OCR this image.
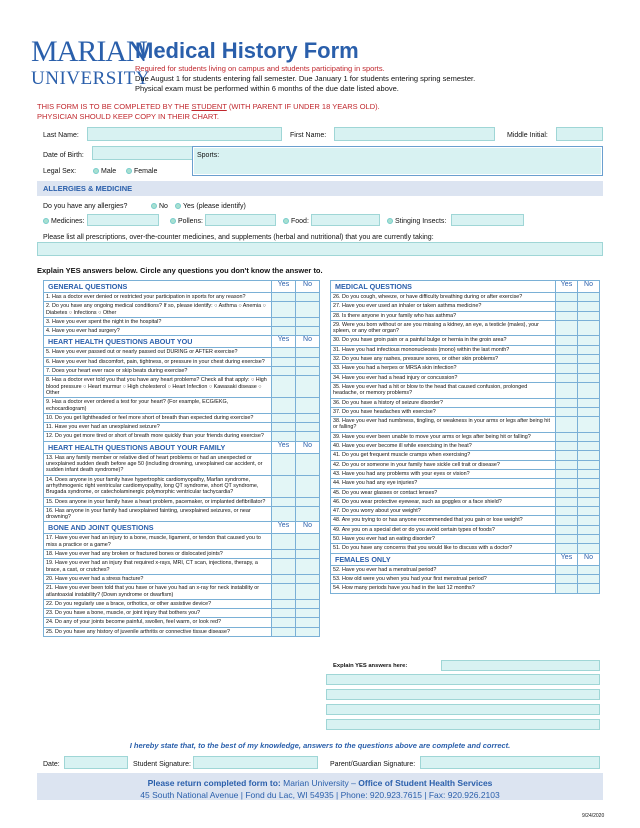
MARIAN
UNIVERSITY
Medical History Form
Required for students living on campus and students participating in sports.
Due August 1 for students entering fall semester. Due January 1 for students entering spring semester.
Physical exam must be performed within 6 months of the due date listed above.
THIS FORM IS TO BE COMPLETED BY THE STUDENT (WITH PARENT IF UNDER 18 YEARS OLD).
PHYSICIAN SHOULD KEEP COPY IN THEIR CHART.
Last Name:	First Name:	Middle Initial:
Date of Birth:	Sports:
Legal Sex:	Male	Female
ALLERGIES & MEDICINE
Do you have any allergies?	No	Yes (please identify)
Medicines:	Pollens:	Food:	Stinging Insects:
Please list all prescriptions, over-the-counter medicines, and supplements (herbal and nutritional) that you are currently taking:
Explain YES answers below. Circle any questions you don't know the answer to.
GENERAL QUESTIONS	Yes	No
1. Has a doctor ever denied or restricted your participation in sports for any reason?		
2. Do you have any ongoing medical conditions? If so, please identify: ○ Asthma ○ Anemia ○ Diabetes ○ Infections ○ Other		
3. Have you ever spent the night in the hospital?		
4. Have you ever had surgery?		
HEART HEALTH QUESTIONS ABOUT YOU	Yes	No
5. Have you ever passed out or nearly passed out DURING or AFTER exercise?		
6. Have you ever had discomfort, pain, tightness, or pressure in your chest during exercise?		
7. Does your heart ever race or skip beats during exercise?		
8. Has a doctor ever told you that you have any heart problems? Check all that apply: ○ High blood pressure ○ Heart murmur ○ High cholesterol ○ Heart Infection ○ Kawasaki disease ○ Other		
9. Has a doctor ever ordered a test for your heart? (For example, ECG/EKG, echocardiogram)		
10. Do you get lightheaded or feel more short of breath than expected during exercise?		
11. Have you ever had an unexplained seizure?		
12. Do you get more tired or short of breath more quickly than your friends during exercise?		
HEART HEALTH QUESTIONS ABOUT YOUR FAMILY	Yes	No
13. Has any family member or relative died of heart problems or had an unexpected or unexplained sudden death before age 50 (including drowning, unexplained car accident, or sudden infant death syndrome)?		
14. Does anyone in your family have hypertrophic cardiomyopathy, Marfan syndrome, arrhythmogenic right ventricular cardiomyopathy, long QT syndrome, short QT syndrome, Brugada syndrome, or catecholaminergic polymorphic ventricular tachycardia?		
15. Does anyone in your family have a heart problem, pacemaker, or implanted defibrillator?		
16. Has anyone in your family had unexplained fainting, unexplained seizures, or near drowning?		
BONE AND JOINT QUESTIONS	Yes	No
17. Have you ever had an injury to a bone, muscle, ligament, or tendon that caused you to miss a practice or a game?		
18. Have you ever had any broken or fractured bones or dislocated joints?		
19. Have you ever had an injury that required x-rays, MRI, CT scan, injections, therapy, a brace, a cast, or crutches?		
20. Have you ever had a stress fracture?		
21. Have you ever been told that you have or have you had an x-ray for neck instability or atlantoaxial instability? (Down syndrome or dwarfism)		
22. Do you regularly use a brace, orthotics, or other assistive device?		
23. Do you have a bone, muscle, or joint injury that bothers you?		
24. Do any of your joints become painful, swollen, feel warm, or look red?		
25. Do you have any history of juvenile arthritis or connective tissue disease?		
MEDICAL QUESTIONS	Yes	No
26. Do you cough, wheeze, or have difficulty breathing during or after exercise?		
27. Have you ever used an inhaler or taken asthma medicine?		
28. Is there anyone in your family who has asthma?		
29. Were you born without or are you missing a kidney, an eye, a testicle (males), your spleen, or any other organ?		
30. Do you have groin pain or a painful bulge or hernia in the groin area?		
31. Have you had infectious mononucleosis (mono) within the last month?		
32. Do you have any rashes, pressure sores, or other skin problems?		
33. Have you had a herpes or MRSA skin infection?		
34. Have you ever had a head injury or concussion?		
35. Have you ever had a hit or blow to the head that caused confusion, prolonged headache, or memory problems?		
36. Do you have a history of seizure disorder?		
37. Do you have headaches with exercise?		
38. Have you ever had numbness, tingling, or weakness in your arms or legs after being hit or falling?		
39. Have you ever been unable to move your arms or legs after being hit or falling?		
40. Have you ever become ill while exercising in the heat?		
41. Do you get frequent muscle cramps when exercising?		
42. Do you or someone in your family have sickle cell trait or disease?		
43. Have you had any problems with your eyes or vision?		
44. Have you had any eye injuries?		
45. Do you wear glasses or contact lenses?		
46. Do you wear protective eyewear, such as goggles or a face shield?		
47. Do you worry about your weight?		
48. Are you trying to or has anyone recommended that you gain or lose weight?		
49. Are you on a special diet or do you avoid certain types of foods?		
50. Have you ever had an eating disorder?		
51. Do you have any concerns that you would like to discuss with a doctor?		
FEMALES ONLY	Yes	No
52. Have you ever had a menstrual period?		
53. How old were you when you had your first menstrual period?		
54. How many periods have you had in the last 12 months?		
Explain YES answers here:
I hereby state that, to the best of my knowledge, answers to the questions above are complete and correct.
Date:	Student Signature:	Parent/Guardian Signature:
Please return completed form to: Marian University – Office of Student Health Services
45 South National Avenue | Fond du Lac, WI 54935 | Phone: 920.923.7615 | Fax: 920.926.2103
9/24/2020
